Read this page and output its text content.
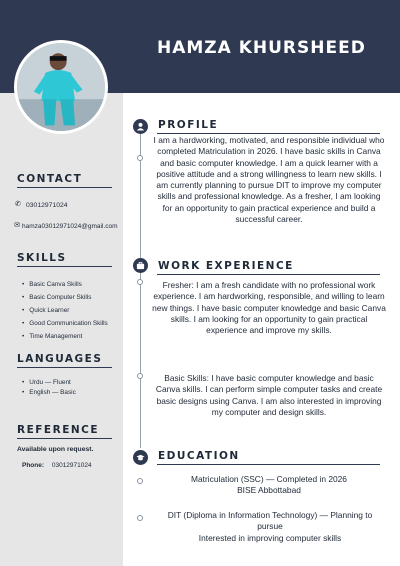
HAMZA KHURSHEED
CONTACT
✆ 03012971024
✉ hamza03012971024@gmail.com
SKILLS
• Basic Canva Skills
• Basic Computer Skills
• Quick Learner
• Good Communication Skills
• Time Management
LANGUAGES
• Urdu — Fluent
• English — Basic
REFERENCE
Available upon request.
Phone: 03012971024
PROFILE
I am a hardworking, motivated, and responsible individual who completed Matriculation in 2026. I have basic skills in Canva and basic computer knowledge. I am a quick learner with a positive attitude and a strong willingness to learn new skills. I am currently planning to pursue DIT to improve my computer skills and professional knowledge. As a fresher, I am looking for an opportunity to gain practical experience and build a successful career.
WORK EXPERIENCE
Fresher: I am a fresh candidate with no professional work experience. I am hardworking, responsible, and willing to learn new things. I have basic computer knowledge and basic Canva skills. I am looking for an opportunity to gain practical experience and improve my skills.
Basic Skills: I have basic computer knowledge and basic Canva skills. I can perform simple computer tasks and create basic designs using Canva. I am also interested in improving my computer and design skills.
EDUCATION
Matriculation (SSC) — Completed in 2026
BISE Abbottabad
DIT (Diploma in Information Technology) — Planning to pursue
Interested in improving computer skills
